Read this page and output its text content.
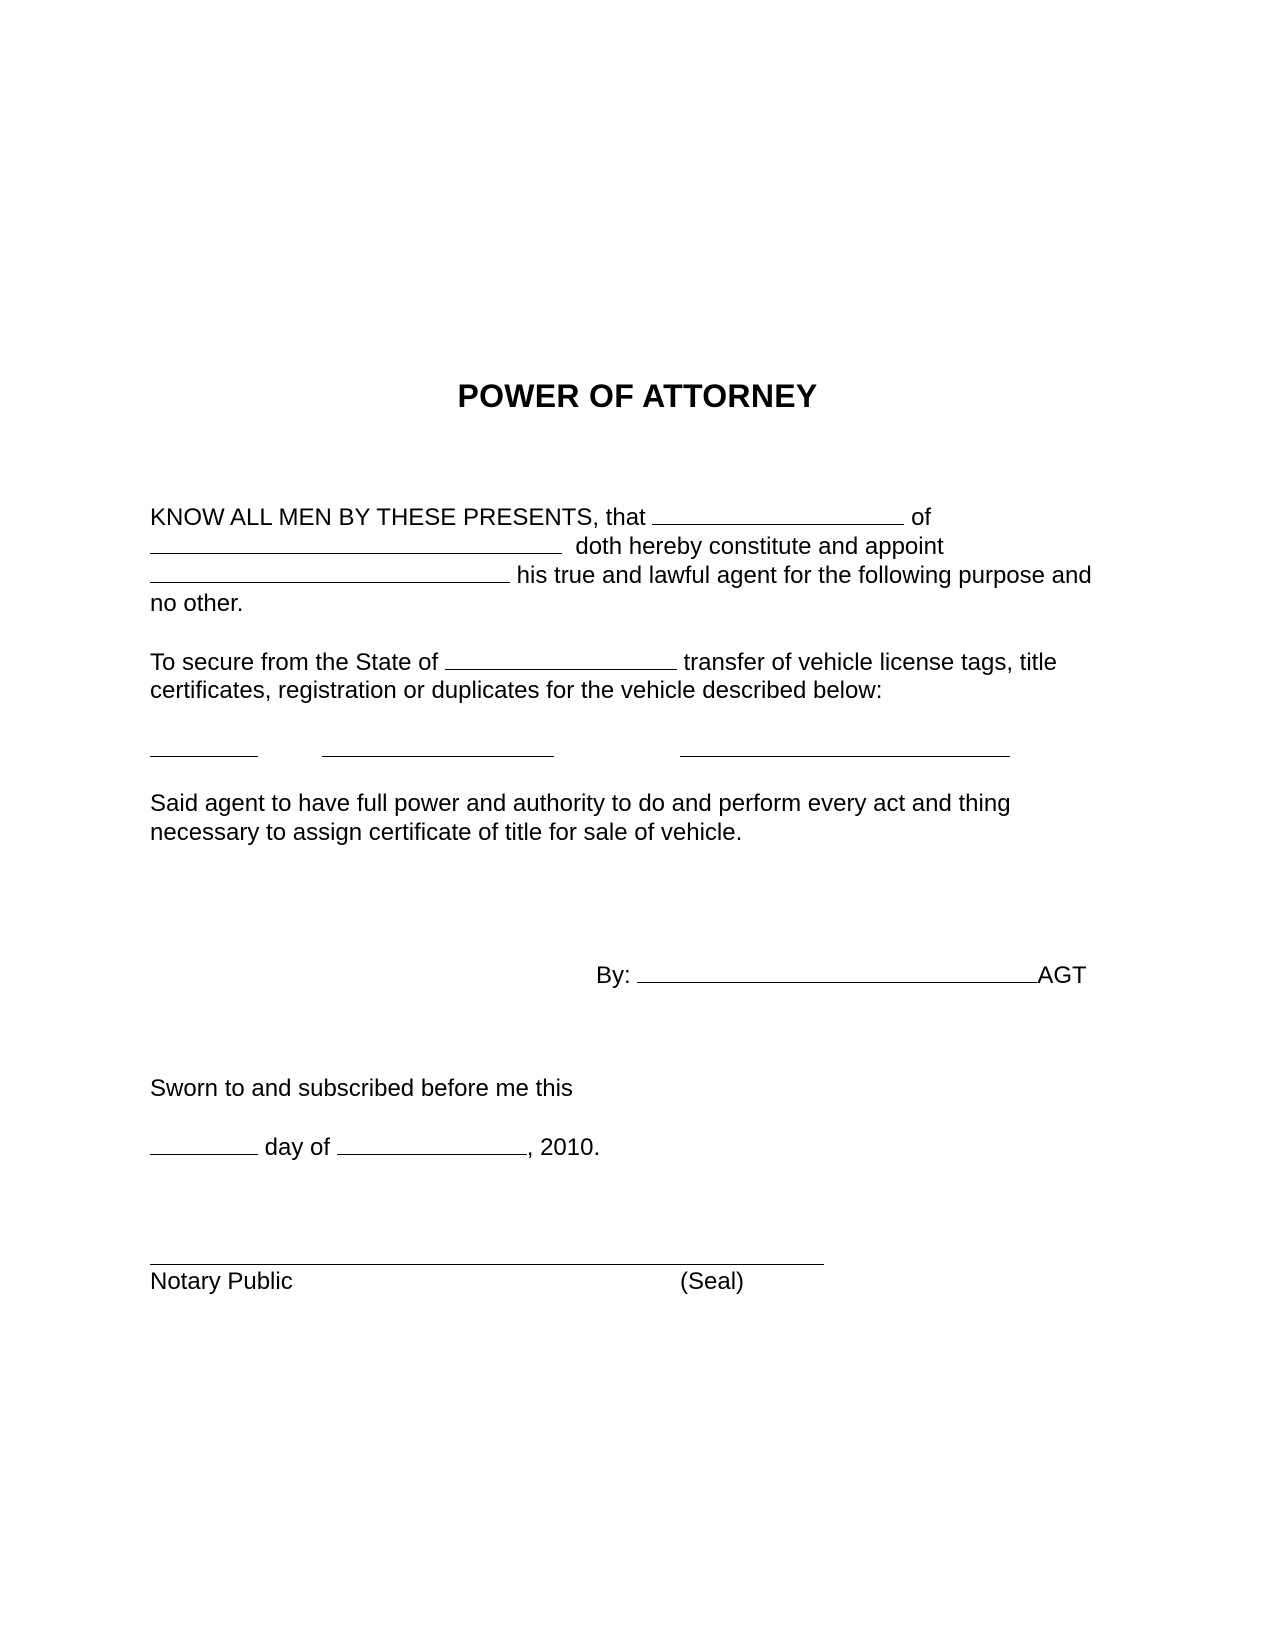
POWER OF ATTORNEY
KNOW ALL MEN BY THESE PRESENTS, that	of
doth hereby constitute and appoint
his true and lawful agent for the following purpose and
no other.
To secure from the State of	transfer of vehicle license tags, title
certificates, registration or duplicates for the vehicle described below:
Said agent to have full power and authority to do and perform every act and thing
necessary to assign certificate of title for sale of vehicle.
By:	AGT
Sworn to and subscribed before me this
day of	, 2010.
Notary Public	(Seal)
